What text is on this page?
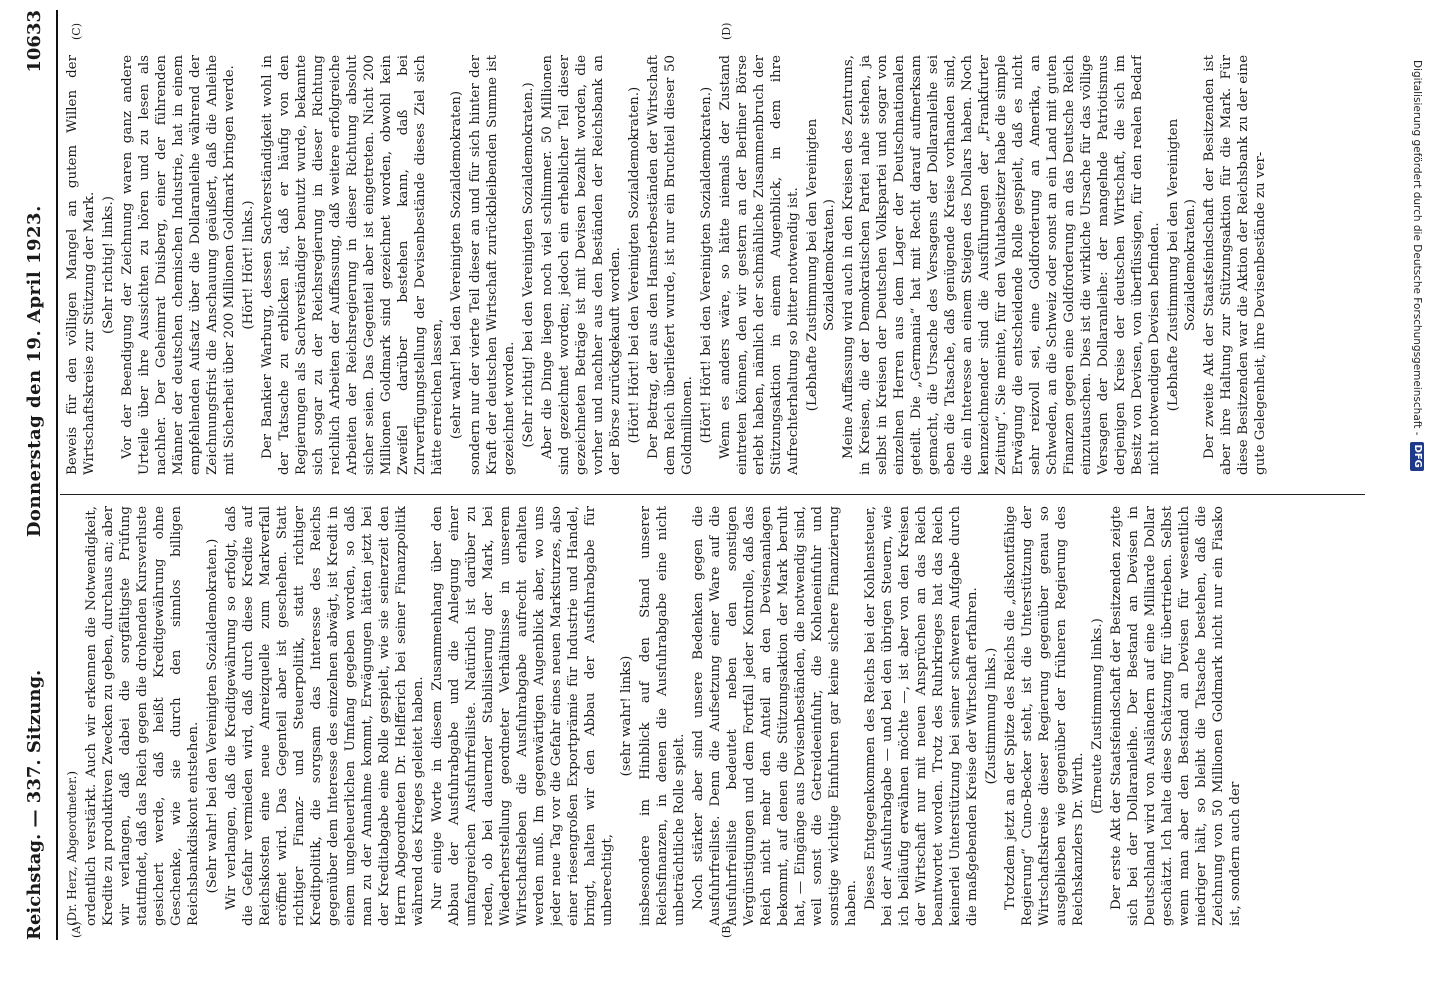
Reichstag. — 337. Sitzung.
Donnerstag den 19. April 1923.
10633
(A)	(B)
(C)	(D)

(Dr. Herz, Abgeordneter.) ordentlich verstärkt. Auch wir erkennen die Notwendigkeit, Kredite zu produktiven Zwecken zu geben, durchaus an; aber wir verlangen, daß dabei die sorgfältigste Prüfung stattfindet, daß das Reich gegen die drohenden Kursverluste gesichert werde, daß heißt Kreditgewährung ohne Geschenke, wie sie durch den sinnlos billigen Reichsbankdiskont entstehen. (Sehr wahr! bei den Vereinigten Sozialdemokraten.) Wir verlangen, daß die Kreditgewährung so erfolgt, daß die Gefahr vermieden wird, daß durch diese Kredite auf Reichskosten eine neue Anreizquelle zum Markverfall eröffnet wird. Das Gegenteil aber ist geschehen. Statt richtiger Finanz- und Steuerpolitik, statt richtiger Kreditpolitik, die sorgsam das Interesse des Reichs gegenüber dem Interesse des einzelnen abwägt, ist Kredit in einem ungeheuerlichen Umfang gegeben worden, so daß man zu der Annahme kommt, Erwägungen hätten jetzt bei der Kreditabgabe eine Rolle gespielt, wie sie seinerzeit den Herrn Abgeordneten Dr. Helfferich bei seiner Finanzpolitik während des Krieges geleitet haben. Nur einige Worte in diesem Zusammenhang über den Abbau der Ausfuhrabgabe und die Anlegung einer umfangreichen Ausfuhrfreiliste. Natürlich ist darüber zu reden, ob bei dauernder Stabilisierung der Mark, bei Wiederherstellung geordneter Verhältnisse in unserem Wirtschaftsleben die Ausfuhrabgabe aufrecht erhalten werden muß. Im gegenwärtigen Augenblick aber, wo uns jeder neue Tag vor die Gefahr eines neuen Marksturzes, also einer riesengroßen Exportprämie für Industrie und Handel, bringt, halten wir den Abbau der Ausfuhrabgabe für unberechtigt,

(sehr wahr! links) insbesondere im Hinblick auf den Stand unserer Reichsfinanzen, in denen die Ausfuhrabgabe eine nicht unbeträchtliche Rolle spielt. Noch stärker aber sind unsere Bedenken gegen die Ausfuhrfreiliste. Denn die Aufsetzung einer Ware auf die Ausfuhrfreiliste bedeutet neben den sonstigen Vergünstigungen und dem Fortfall jeder Kontrolle, daß das Reich nicht mehr den Anteil an den Devisenanlagen bekommt, auf denen die Stützungsaktion der Mark beruht hat, — Eingänge aus Devisenbeständen, die notwendig sind, weil sonst die Getreideeinfuhr, die Kohleneinfuhr und sonstige wichtige Einfuhren gar keine sichere Finanzierung haben. Dieses Entgegenkommen des Reichs bei der Kohlensteuer, bei der Ausfuhrabgabe — und bei den übrigen Steuern, wie ich beiläufig erwähnen möchte —, ist aber von den Kreisen der Wirtschaft nur mit neuen Ansprüchen an das Reich beantwortet worden. Trotz des Ruhrkrieges hat das Reich keinerlei Unterstützung bei seiner schweren Aufgabe durch die maßgebenden Kreise der Wirtschaft erfahren. (Zustimmung links.) Trotzdem jetzt an der Spitze des Reichs die „diskontfähige Regierung“ Cuno-Becker steht, ist die Unterstützung der Wirtschaftskreise dieser Regierung gegenüber genau so ausgeblieben wie gegenüber der früheren Regierung des Reichskanzlers Dr. Wirth.

(Erneute Zustimmung links.) Der erste Akt der Staatsfeindschaft der Besitzenden zeigte sich bei der Dollaranleihe. Der Bestand an Devisen in Deutschland wird von Ausländern auf eine Milliarde Dollar geschätzt. Ich halte diese Schätzung für übertrieben. Selbst wenn man aber den Bestand an Devisen für wesentlich niedriger hält, so bleibt die Tatsache bestehen, daß die Zeichnung von 50 Millionen Goldmark nicht nur ein Fiasko ist, sondern auch der

Beweis für den völligen Mangel an gutem Willen der Wirtschaftskreise zur Stützung der Mark. (Sehr richtig! links.) Vor der Beendigung der Zeichnung waren ganz andere Urteile über ihre Aussichten zu hören und zu lesen als nachher. Der Geheimrat Duisberg, einer der führenden Männer der deutschen chemischen Industrie, hat in einem empfehlenden Aufsatz über die Dollaranleihe während der Zeichnungsfrist die Anschauung geäußert, daß die Anleihe mit Sicherheit über 200 Millionen Goldmark bringen werde. (Hört! Hört! links.) Der Bankier Warburg, dessen Sachverständigkeit wohl in der Tatsache zu erblicken ist, daß er häufig von den Regierungen als Sachverständiger benutzt wurde, bekannte sich sogar zu der Reichsregierung in dieser Richtung reichlich Arbeiten der Auffassung, daß weitere erfolgreiche Arbeiten der Reichsregierung in dieser Richtung absolut sicher seien. Das Gegenteil aber ist eingetreten. Nicht 200 Millionen Goldmark sind gezeichnet worden, obwohl kein Zweifel darüber bestehen kann, daß bei Zurverfügungstellung der Devisenbestände dieses Ziel sich hätte erreichen lassen, (sehr wahr! bei den Vereinigten Sozialdemokraten) sondern nur der vierte Teil dieser an und für sich hinter der Kraft der deutschen Wirtschaft zurückbleibenden Summe ist gezeichnet worden. (Sehr richtig! bei den Vereinigten Sozialdemokraten.) Aber die Dinge liegen noch viel schlimmer. 50 Millionen sind gezeichnet worden; jedoch ein erheblicher Teil dieser gezeichneten Beträge ist mit Devisen bezahlt worden, die vorher und nachher aus den Beständen der Reichsbank an der Börse zurückgekauft worden. (Hört! Hört! bei den Vereinigten Sozialdemokraten.) Der Betrag, der aus den Hamsterbeständen der Wirtschaft dem Reich überliefert wurde, ist nur ein Bruchteil dieser 50 Goldmillionen. (Hört! Hört! bei den Vereinigten Sozialdemokraten.) Wenn es anders wäre, so hätte niemals der Zustand eintreten können, den wir gestern an der Berliner Börse erlebt haben, nämlich der schmähliche Zusammenbruch der Stützungsaktion in einem Augenblick, in dem ihre Aufrechterhaltung so bitter notwendig ist. (Lebhafte Zustimmung bei den Vereinigten Sozialdemokraten.) Meine Auffassung wird auch in den Kreisen des Zentrums, in Kreisen, die der Demokratischen Partei nahe stehen, ja selbst in Kreisen der Deutschen Volkspartei und sogar von einzelnen Herren aus dem Lager der Deutschnationalen geteilt. Die „Germania“ hat mit Recht darauf aufmerksam gemacht, die Ursache des Versagens der Dollaranleihe sei eben die Tatsache, daß genügende Kreise vorhanden sind, die ein Interesse an einem Steigen des Dollars haben. Noch kennzeichnender sind die Ausführungen der „Frankfurter Zeitung“. Sie meinte, für den Valutabesitzer habe die simple Erwägung die entscheidende Rolle gespielt, daß es nicht sehr reizvoll sei, eine Goldforderung an Amerika, an Schweden, an die Schweiz oder sonst an ein Land mit guten Finanzen gegen eine Goldforderung an das Deutsche Reich einzutauschen. Dies ist die wirkliche Ursache für das völlige Versagen der Dollaranleihe: der mangelnde Patriotismus derjenigen Kreise der deutschen Wirtschaft, die sich im Besitz von Devisen, von überflüssigen, für den realen Bedarf nicht notwendigen Devisen befinden. (Lebhafte Zustimmung bei den Vereinigten Sozialdemokraten.) Der zweite Akt der Staatsfeindschaft der Besitzenden ist aber ihre Haltung zur Stützungsaktion für die Mark. Für diese Besitzenden war die Aktion der Reichsbank zu der eine gute Gelegenheit, ihre Devisenbestände zu ver-	Digitalisierung gefördert durch die Deutsche Forschungsgemeinschaft -
DFG
